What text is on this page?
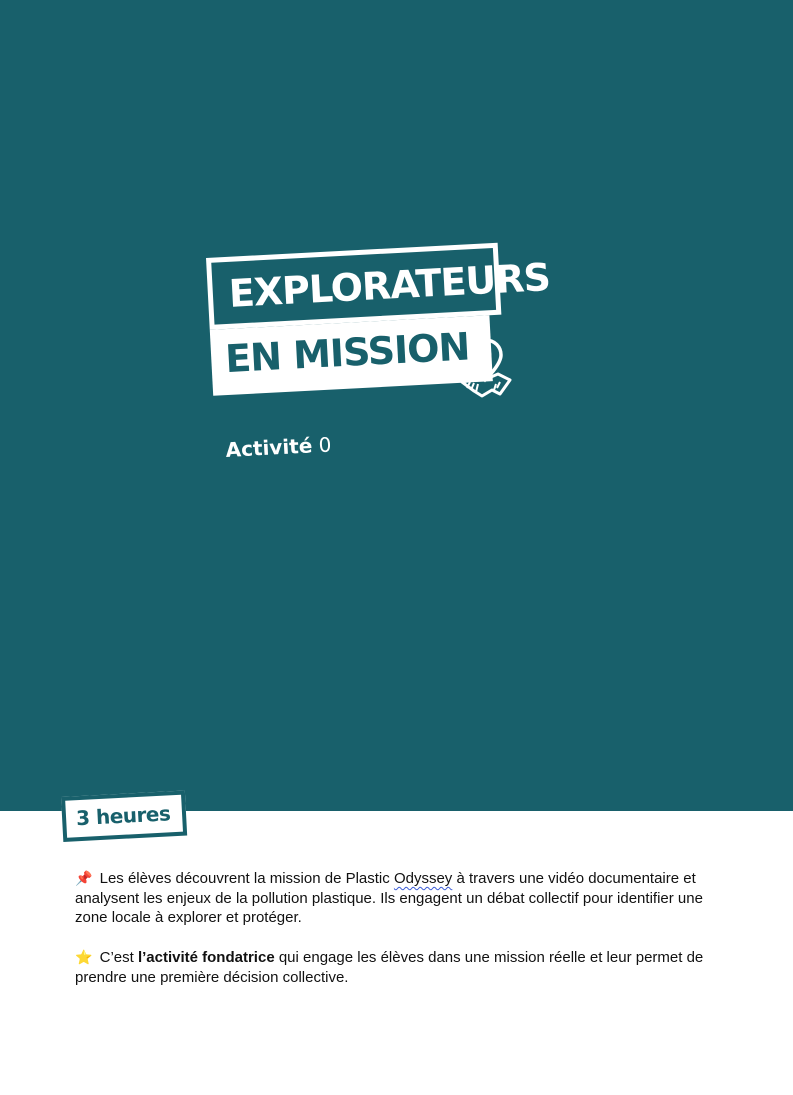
EXPLORATEURS
EN MISSION
Activité 0
3 heures

📌 Les élèves découvrent la mission de Plastic Odyssey à travers une vidéo documentaire et analysent les enjeux de la pollution plastique. Ils engagent un débat collectif pour identifier une zone locale à explorer et protéger.

⭐ C’est l’activité fondatrice qui engage les élèves dans une mission réelle et leur permet de prendre une première décision collective.
